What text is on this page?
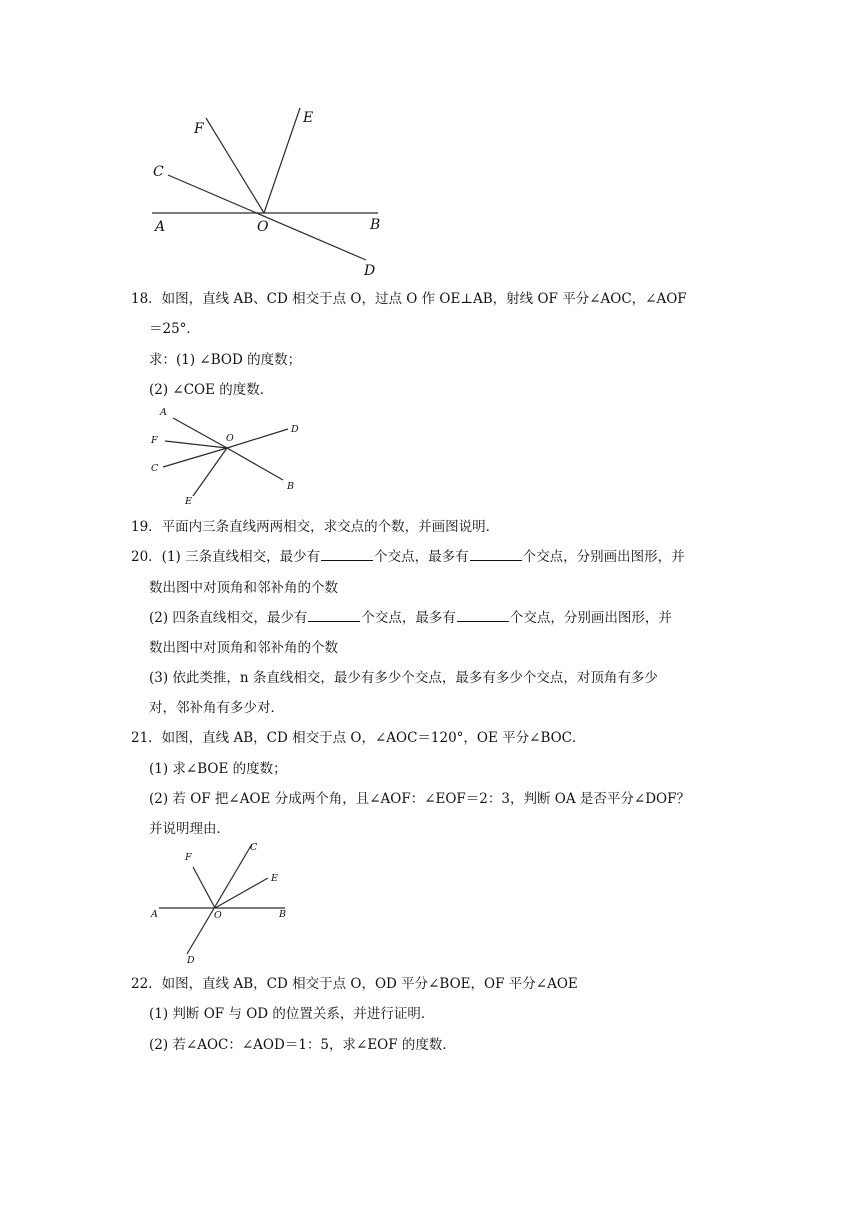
F
E
C
A	O	B
D
18．如图，直线 AB、CD 相交于点 O，过点 O 作 OE⊥AB，射线 OF 平分∠AOC，∠AOF
＝25°．
求：(1) ∠BOD 的度数；
(2) ∠COE 的度数．
A
F	O
D
C
E
B
19．平面内三条直线两两相交，求交点的个数，并画图说明．
20．(1) 三条直线相交，最少有	个交点，最多有	个交点，分别画出图形，并
数出图中对顶角和邻补角的个数
(2) 四条直线相交，最少有	个交点，最多有	个交点，分别画出图形，并
数出图中对顶角和邻补角的个数
(3) 依此类推，n 条直线相交，最少有多少个交点，最多有多少个交点，对顶角有多少
对，邻补角有多少对．
21．如图，直线 AB，CD 相交于点 O，∠AOC＝120°，OE 平分∠BOC．
(1) 求∠BOE 的度数；
(2) 若 OF 把∠AOE 分成两个角，且∠AOF：∠EOF＝2：3，判断 OA 是否平分∠DOF？
并说明理由．
F
C
E
A	O	B
D
22．如图，直线 AB，CD 相交于点 O，OD 平分∠BOE，OF 平分∠AOE
(1) 判断 OF 与 OD 的位置关系，并进行证明．
(2) 若∠AOC：∠AOD＝1：5，求∠EOF 的度数．
